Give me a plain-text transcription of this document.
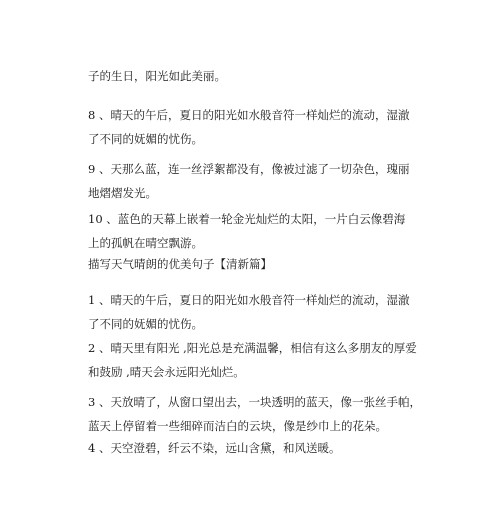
子的生日，阳光如此美丽。

8 、晴天的午后，夏日的阳光如水般音符一样灿烂的流动，湿澈
了不同的妩媚的忧伤。

9 、天那么蓝，连一丝浮絮都没有，像被过滤了一切杂色，瑰丽
地熠熠发光。

10 、蓝色的天幕上嵌着一轮金光灿烂的太阳，一片白云像碧海
上的孤帆在晴空飘游。

描写天气晴朗的优美句子【清新篇】

1 、晴天的午后，夏日的阳光如水般音符一样灿烂的流动，湿澈
了不同的妩媚的忧伤。

2 、晴天里有阳光 ,阳光总是充满温馨，相信有这么多朋友的厚爱
和鼓励 ,晴天会永远阳光灿烂。

3 、天放晴了，从窗口望出去，一块透明的蓝天，像一张丝手帕，
蓝天上停留着一些细碎而洁白的云块，像是纱巾上的花朵。

4 、天空澄碧，纤云不染，远山含黛，和风送暖。
